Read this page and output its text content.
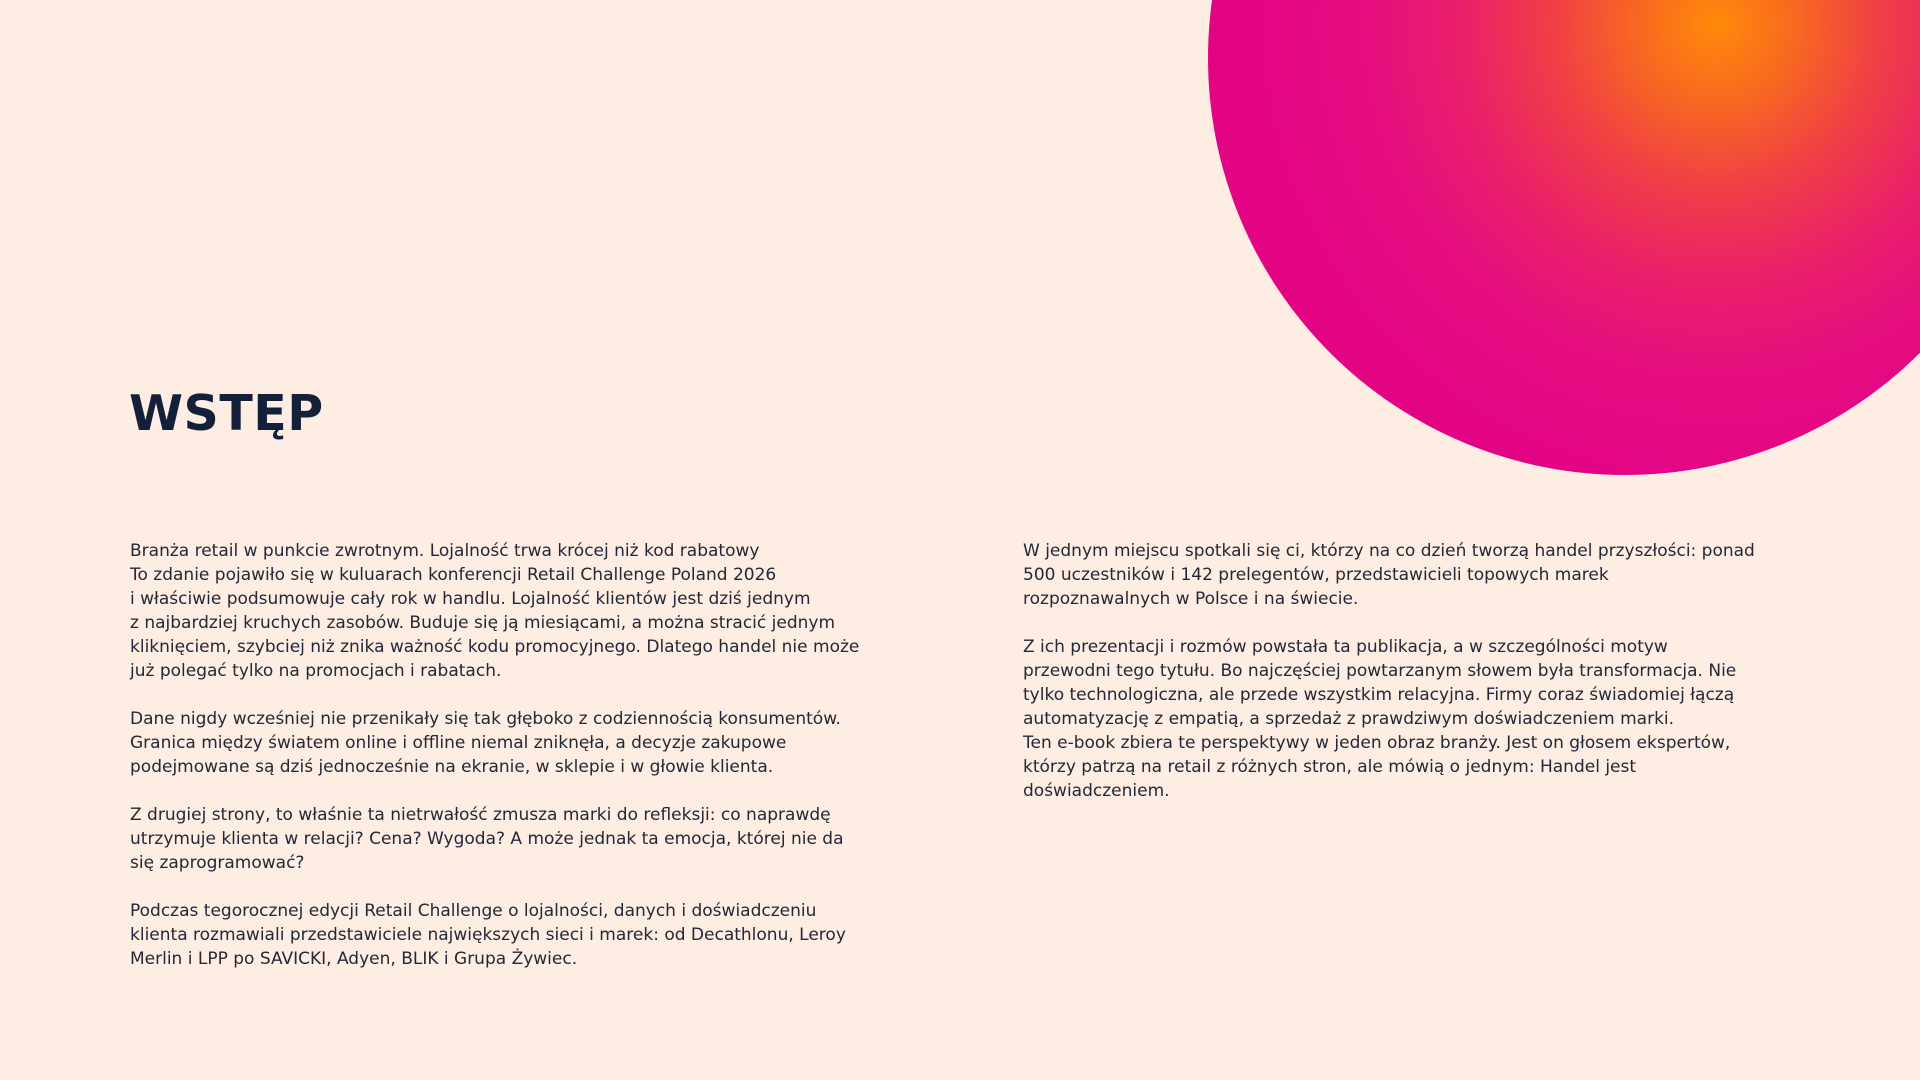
WSTĘP

Branża retail w punkcie zwrotnym. Lojalność trwa krócej niż kod rabatowy
To zdanie pojawiło się w kuluarach konferencji Retail Challenge Poland 2026
i właściwie podsumowuje cały rok w handlu. Lojalność klientów jest dziś jednym
z najbardziej kruchych zasobów. Buduje się ją miesiącami, a można stracić jednym
kliknięciem, szybciej niż znika ważność kodu promocyjnego. Dlatego handel nie może
już polegać tylko na promocjach i rabatach.

Dane nigdy wcześniej nie przenikały się tak głęboko z codziennością konsumentów.
Granica między światem online i offline niemal zniknęła, a decyzje zakupowe
podejmowane są dziś jednocześnie na ekranie, w sklepie i w głowie klienta.

Z drugiej strony, to właśnie ta nietrwałość zmusza marki do refleksji: co naprawdę
utrzymuje klienta w relacji? Cena? Wygoda? A może jednak ta emocja, której nie da
się zaprogramować?

Podczas tegorocznej edycji Retail Challenge o lojalności, danych i doświadczeniu
klienta rozmawiali przedstawiciele największych sieci i marek: od Decathlonu, Leroy
Merlin i LPP po SAVICKI, Adyen, BLIK i Grupa Żywiec.

W jednym miejscu spotkali się ci, którzy na co dzień tworzą handel przyszłości: ponad
500 uczestników i 142 prelegentów, przedstawicieli topowych marek
rozpoznawalnych w Polsce i na świecie.

Z ich prezentacji i rozmów powstała ta publikacja, a w szczególności motyw
przewodni tego tytułu. Bo najczęściej powtarzanym słowem była transformacja. Nie
tylko technologiczna, ale przede wszystkim relacyjna. Firmy coraz świadomiej łączą
automatyzację z empatią, a sprzedaż z prawdziwym doświadczeniem marki.
Ten e-book zbiera te perspektywy w jeden obraz branży. Jest on głosem ekspertów,
którzy patrzą na retail z różnych stron, ale mówią o jednym: Handel jest
doświadczeniem.
